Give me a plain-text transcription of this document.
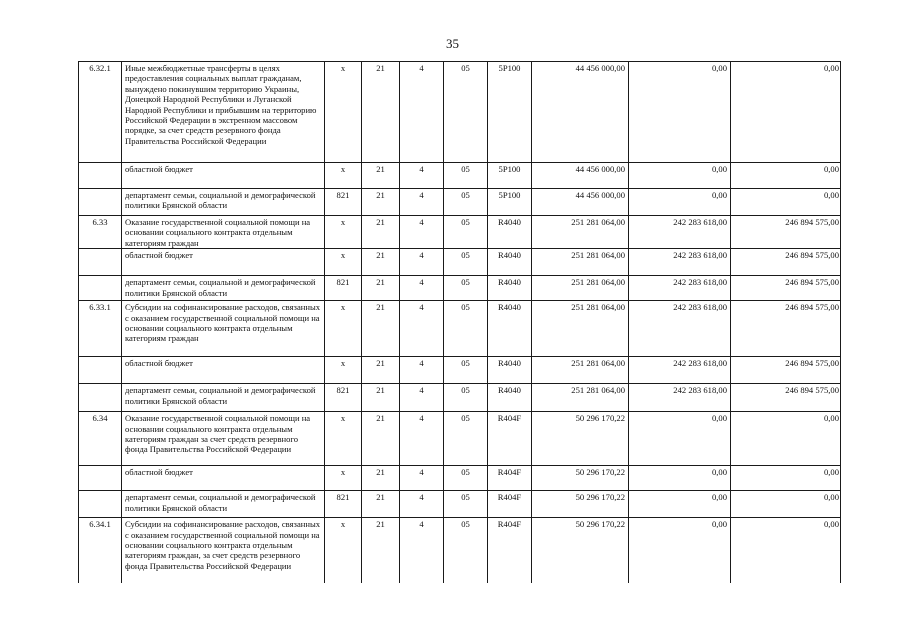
35
6.32.1	Иные межбюджетные трансферты в целях предоставления социальных выплат гражданам, вынуждено покинувшим территорию Украины, Донецкой Народной Республики и Луганской Народной Республики и прибывшим на территорию Российской Федерации в экстренном массовом порядке, за счет средств резервного фонда Правительства Российской Федерации	x	21	4	05	5P100	44 456 000,00	0,00	0,00
	областной бюджет	x	21	4	05	5P100	44 456 000,00	0,00	0,00
	департамент семьи, социальной и демографической политики Брянской области	821	21	4	05	5P100	44 456 000,00	0,00	0,00
6.33	Оказание государственной социальной помощи на основании социального контракта отдельным категориям граждан	x	21	4	05	R4040	251 281 064,00	242 283 618,00	246 894 575,00
	областной бюджет	x	21	4	05	R4040	251 281 064,00	242 283 618,00	246 894 575,00
	департамент семьи, социальной и демографической политики Брянской области	821	21	4	05	R4040	251 281 064,00	242 283 618,00	246 894 575,00
6.33.1	Субсидии на софинансирование расходов, связанных с оказанием государственной социальной помощи на основании социального контракта отдельным категориям граждан	x	21	4	05	R4040	251 281 064,00	242 283 618,00	246 894 575,00
	областной бюджет	x	21	4	05	R4040	251 281 064,00	242 283 618,00	246 894 575,00
	департамент семьи, социальной и демографической политики Брянской области	821	21	4	05	R4040	251 281 064,00	242 283 618,00	246 894 575,00
6.34	Оказание государственной социальной помощи на основании социального контракта отдельным категориям граждан за счет средств резервного фонда Правительства Российской Федерации	x	21	4	05	R404F	50 296 170,22	0,00	0,00
	областной бюджет	x	21	4	05	R404F	50 296 170,22	0,00	0,00
	департамент семьи, социальной и демографической политики Брянской области	821	21	4	05	R404F	50 296 170,22	0,00	0,00
6.34.1	Субсидии на софинансирование расходов, связанных с оказанием государственной социальной помощи на основании социального контракта отдельным категориям граждан, за счет средств резервного фонда Правительства Российской Федерации	x	21	4	05	R404F	50 296 170,22	0,00	0,00
